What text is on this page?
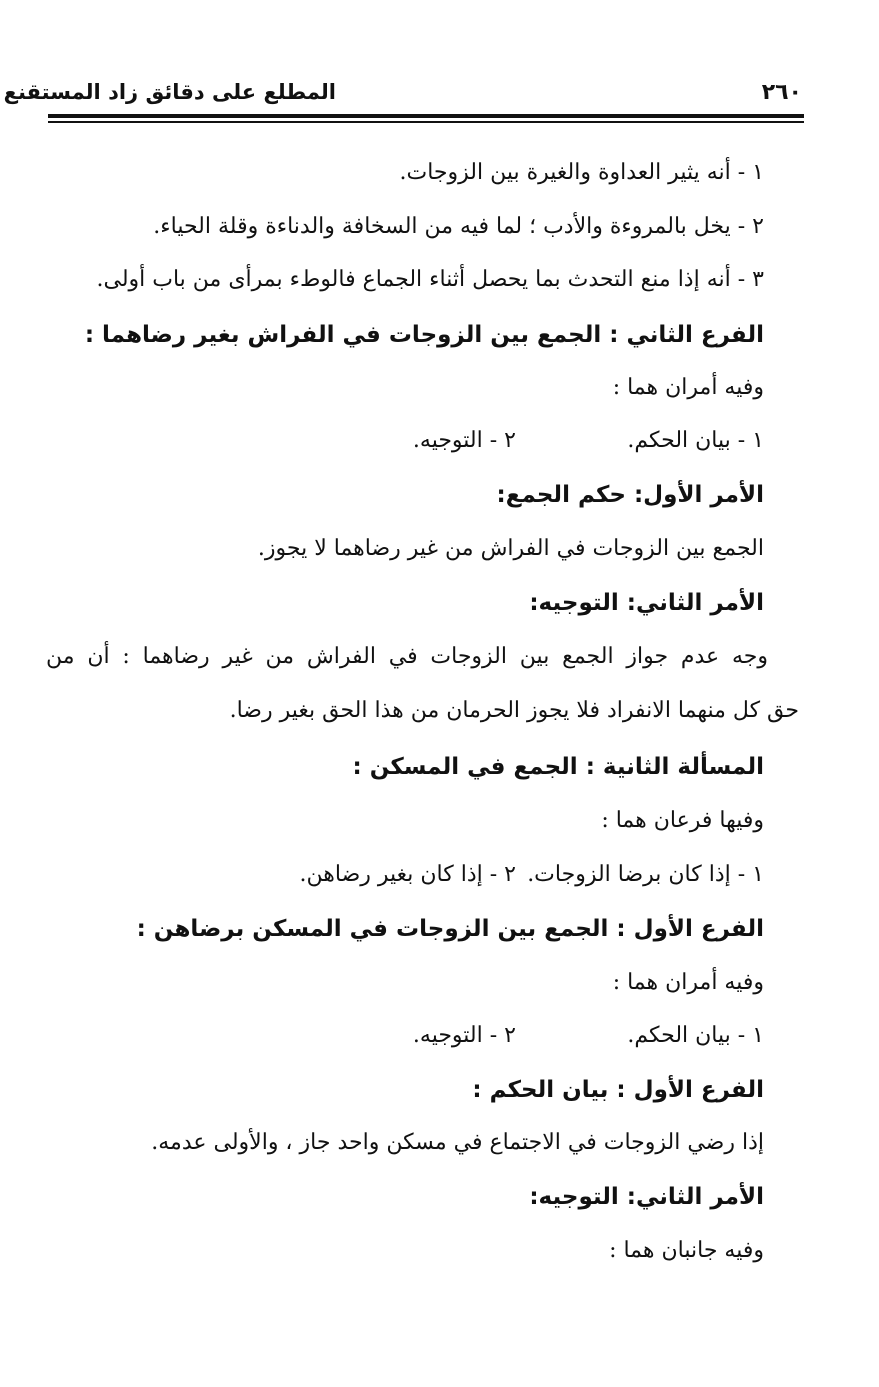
٢٦٠
المطلع على دقائق زاد المستقنع
١ - أنه يثير العداوة والغيرة بين الزوجات.
٢ - يخل بالمروءة والأدب ؛ لما فيه من السخافة والدناءة وقلة الحياء.
٣ - أنه إذا منع التحدث بما يحصل أثناء الجماع فالوطء بمرأى من باب أولى.
الفرع الثاني : الجمع بين الزوجات في الفراش بغير رضاهما :
وفيه أمران هما :
١ - بيان الحكم.
٢ - التوجيه.
الأمر الأول: حكم الجمع:
الجمع بين الزوجات في الفراش من غير رضاهما لا يجوز.
الأمر الثاني: التوجيه:
وجه عدم جواز الجمع بين الزوجات في الفراش من غير رضاهما : أن من
حق كل منهما الانفراد فلا يجوز الحرمان من هذا الحق بغير رضا.
المسألة الثانية : الجمع في المسكن :
وفيها فرعان هما :
١ - إذا كان برضا الزوجات.
٢ - إذا كان بغير رضاهن.
الفرع الأول : الجمع بين الزوجات في المسكن برضاهن :
وفيه أمران هما :
١ - بيان الحكم.
٢ - التوجيه.
الفرع الأول : بيان الحكم :
إذا رضي الزوجات في الاجتماع في مسكن واحد جاز ، والأولى عدمه.
الأمر الثاني: التوجيه:
وفيه جانبان هما :
